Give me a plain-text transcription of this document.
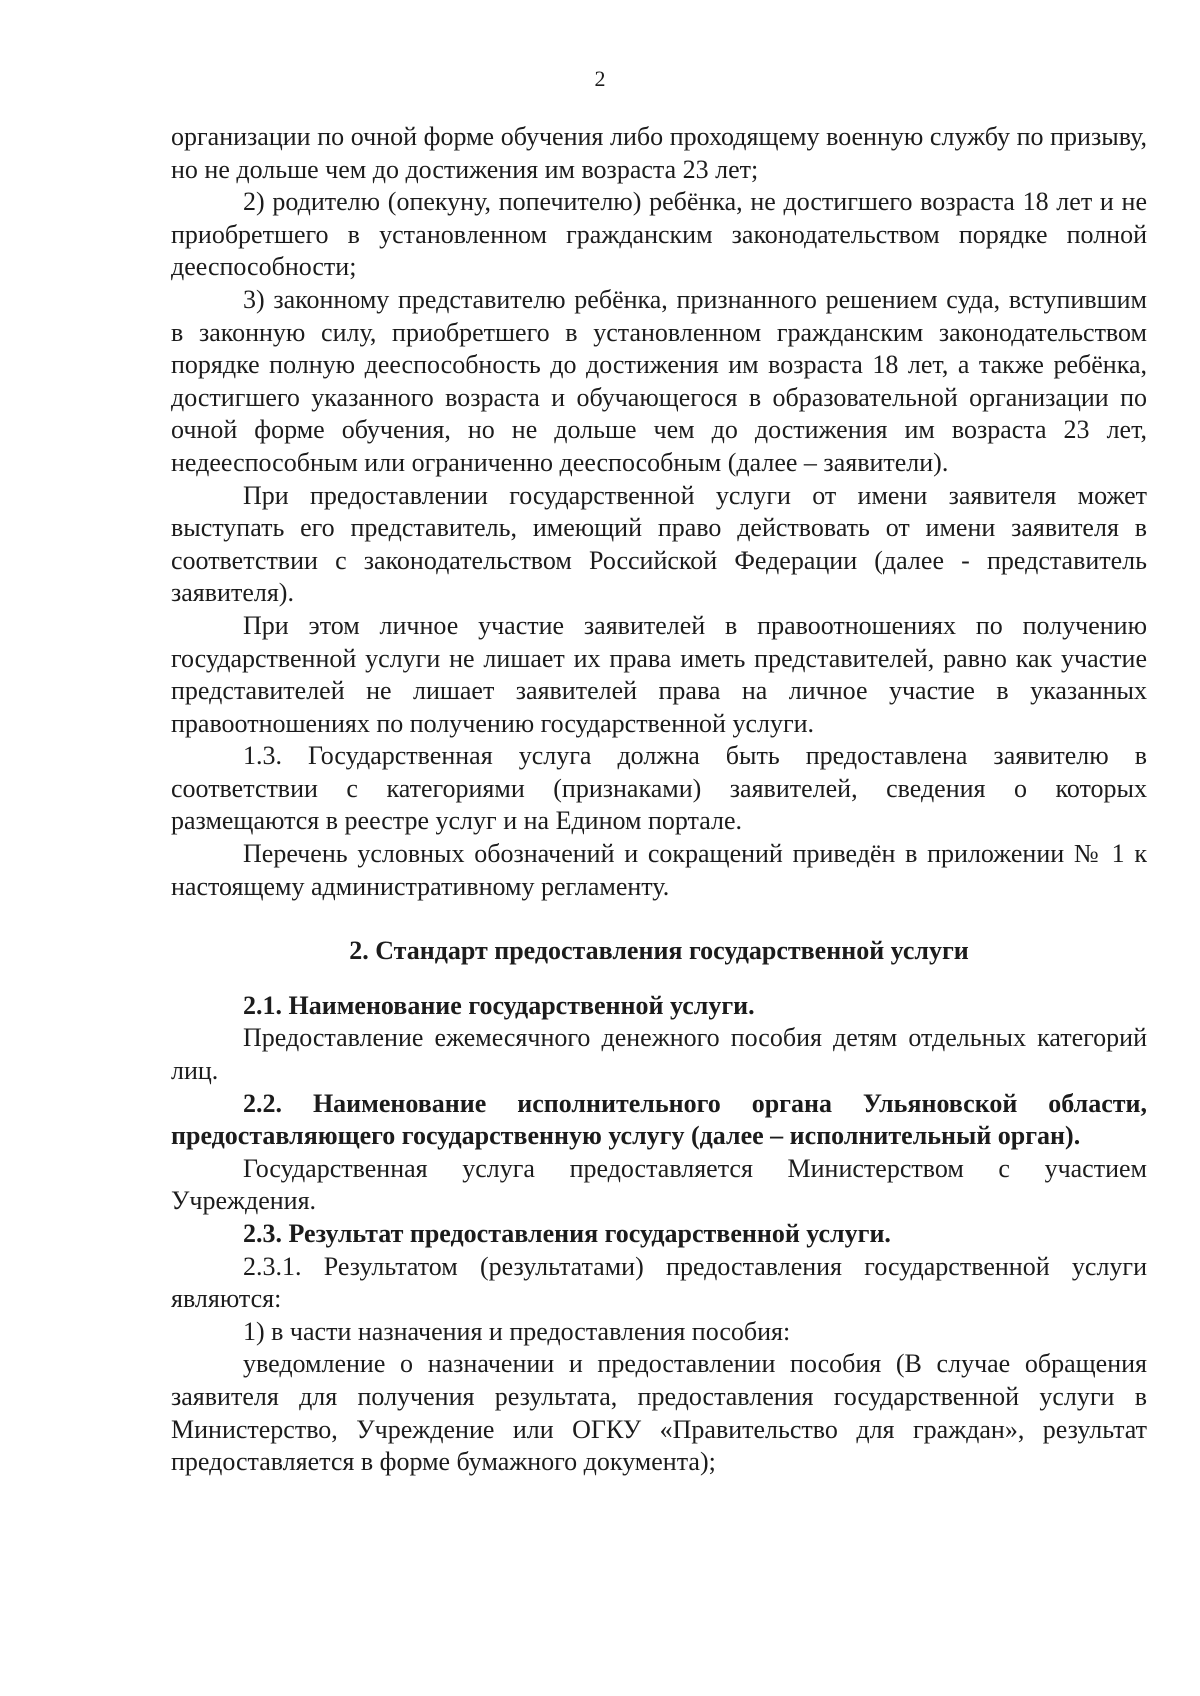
2

организации по очной форме обучения либо проходящему военную службу по призыву, но не дольше чем до достижения им возраста 23 лет;

2) родителю (опекуну, попечителю) ребёнка, не достигшего возраста 18 лет и не приобретшего в установленном гражданским законодательством порядке полной дееспособности;

3) законному представителю ребёнка, признанного решением суда, вступившим в законную силу, приобретшего в установленном гражданским законодательством порядке полную дееспособность до достижения им возраста 18 лет, а также ребёнка, достигшего указанного возраста и обучающегося в образовательной организации по очной форме обучения, но не дольше чем до достижения им возраста 23 лет, недееспособным или ограниченно дееспособным (далее – заявители).

При предоставлении государственной услуги от имени заявителя может выступать его представитель, имеющий право действовать от имени заявителя в соответствии с законодательством Российской Федерации (далее - представитель заявителя).

При этом личное участие заявителей в правоотношениях по получению государственной услуги не лишает их права иметь представителей, равно как участие представителей не лишает заявителей права на личное участие в указанных правоотношениях по получению государственной услуги.

1.3. Государственная услуга должна быть предоставлена заявителю в соответствии с категориями (признаками) заявителей, сведения о которых размещаются в реестре услуг и на Едином портале.

Перечень условных обозначений и сокращений приведён в приложении № 1 к настоящему административному регламенту.

2. Стандарт предоставления государственной услуги

2.1. Наименование государственной услуги.

Предоставление ежемесячного денежного пособия детям отдельных категорий лиц.

2.2. Наименование исполнительного органа Ульяновской области, предоставляющего государственную услугу (далее – исполнительный орган).

Государственная услуга предоставляется Министерством с участием Учреждения.

2.3. Результат предоставления государственной услуги.

2.3.1. Результатом (результатами) предоставления государственной услуги являются:

1) в части назначения и предоставления пособия:

уведомление о назначении и предоставлении пособия (В случае обращения заявителя для получения результата, предоставления государственной услуги в Министерство, Учреждение или ОГКУ «Правительство для граждан», результат предоставляется в форме бумажного документа);
